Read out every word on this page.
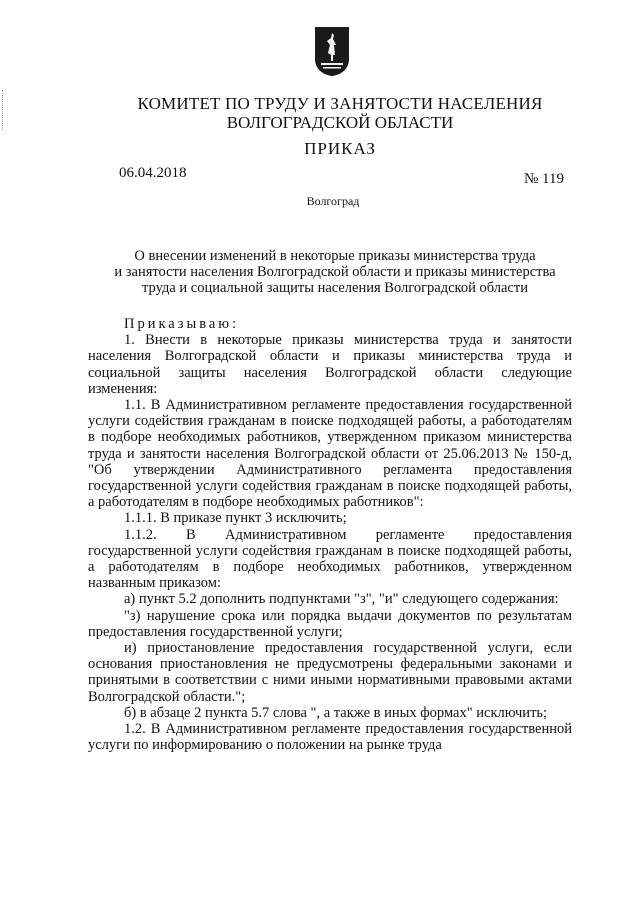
КОМИТЕТ ПО ТРУДУ И ЗАНЯТОСТИ НАСЕЛЕНИЯ
ВОЛГОГРАДСКОЙ ОБЛАСТИ
ПРИКАЗ
06.04.2018	№ 119
Волгоград
О внесении изменений в некоторые приказы министерства труда
и занятости населения Волгоградской области и приказы министерства
труда и социальной защиты населения Волгоградской области

Приказываю:

1. Внести в некоторые приказы министерства труда и занятости населения Волгоградской области и приказы министерства труда и социальной защиты населения Волгоградской области следующие изменения:

1.1. В Административном регламенте предоставления государственной услуги содействия гражданам в поиске подходящей работы, а работодателям в подборе необходимых работников, утвержденном приказом министерства труда и занятости населения Волгоградской области от 25.06.2013 № 150-д, "Об утверждении Административного регламента предоставления государственной услуги содействия гражданам в поиске подходящей работы, а работодателям в подборе необходимых работников":

1.1.1. В приказе пункт 3 исключить;

1.1.2. В Административном регламенте предоставления государственной услуги содействия гражданам в поиске подходящей работы, а работодателям в подборе необходимых работников, утвержденном названным приказом:

а) пункт 5.2 дополнить подпунктами "з", "и" следующего содержания:

"з) нарушение срока или порядка выдачи документов по результатам предоставления государственной услуги;

и) приостановление предоставления государственной услуги, если основания приостановления не предусмотрены федеральными законами и принятыми в соответствии с ними иными нормативными правовыми актами Волгоградской области.";

б) в абзаце 2 пункта 5.7 слова ", а также в иных формах" исключить;

1.2. В Административном регламенте предоставления государственной услуги по информированию о положении на рынке труда
